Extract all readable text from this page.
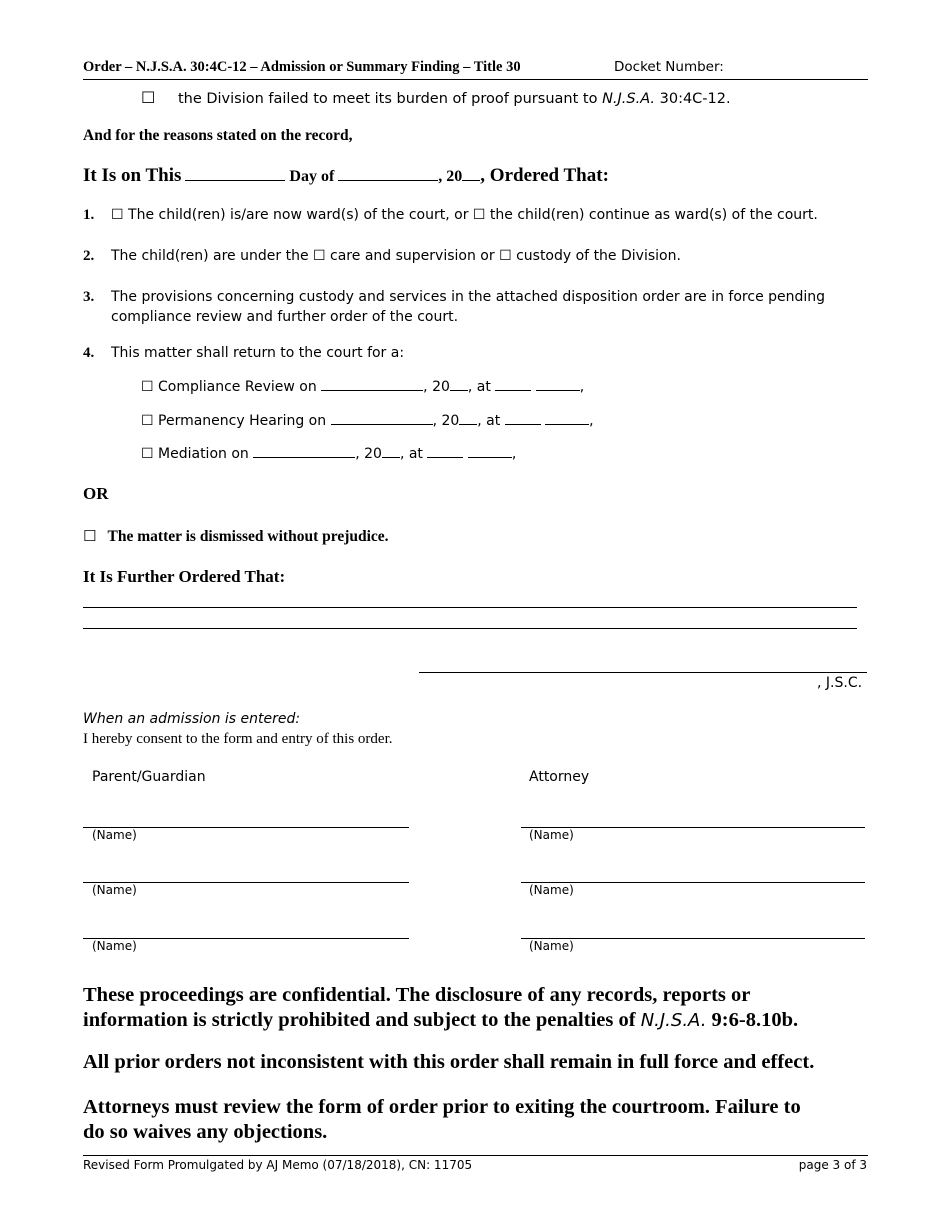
Order – N.J.S.A. 30:4C-12 – Admission or Summary Finding – Title 30	Docket Number:
☐ the Division failed to meet its burden of proof pursuant to N.J.S.A. 30:4C-12.
And for the reasons stated on the record,
It Is on This	Day of	, 20 , Ordered That:
1. ☐ The child(ren) is/are now ward(s) of the court, or ☐ the child(ren) continue as ward(s) of the court.
2. The child(ren) are under the ☐ care and supervision or ☐ custody of the Division.
3. The provisions concerning custody and services in the attached disposition order are in force pending
compliance review and further order of the court.
4. This matter shall return to the court for a:
☐ Compliance Review on	, 20 , at	,
☐ Permanency Hearing on	, 20 , at	,
☐ Mediation on	, 20 , at	,
OR
☐ The matter is dismissed without prejudice.
It Is Further Ordered That:
, J.S.C.
When an admission is entered:
I hereby consent to the form and entry of this order.
Parent/Guardian	Attorney
(Name)	(Name)
(Name)	(Name)
(Name)	(Name)
These proceedings are confidential. The disclosure of any records, reports or
information is strictly prohibited and subject to the penalties of N.J.S.A. 9:6-8.10b.
All prior orders not inconsistent with this order shall remain in full force and effect.
Attorneys must review the form of order prior to exiting the courtroom. Failure to
do so waives any objections.
Revised Form Promulgated by AJ Memo (07/18/2018), CN: 11705	page 3 of 3
